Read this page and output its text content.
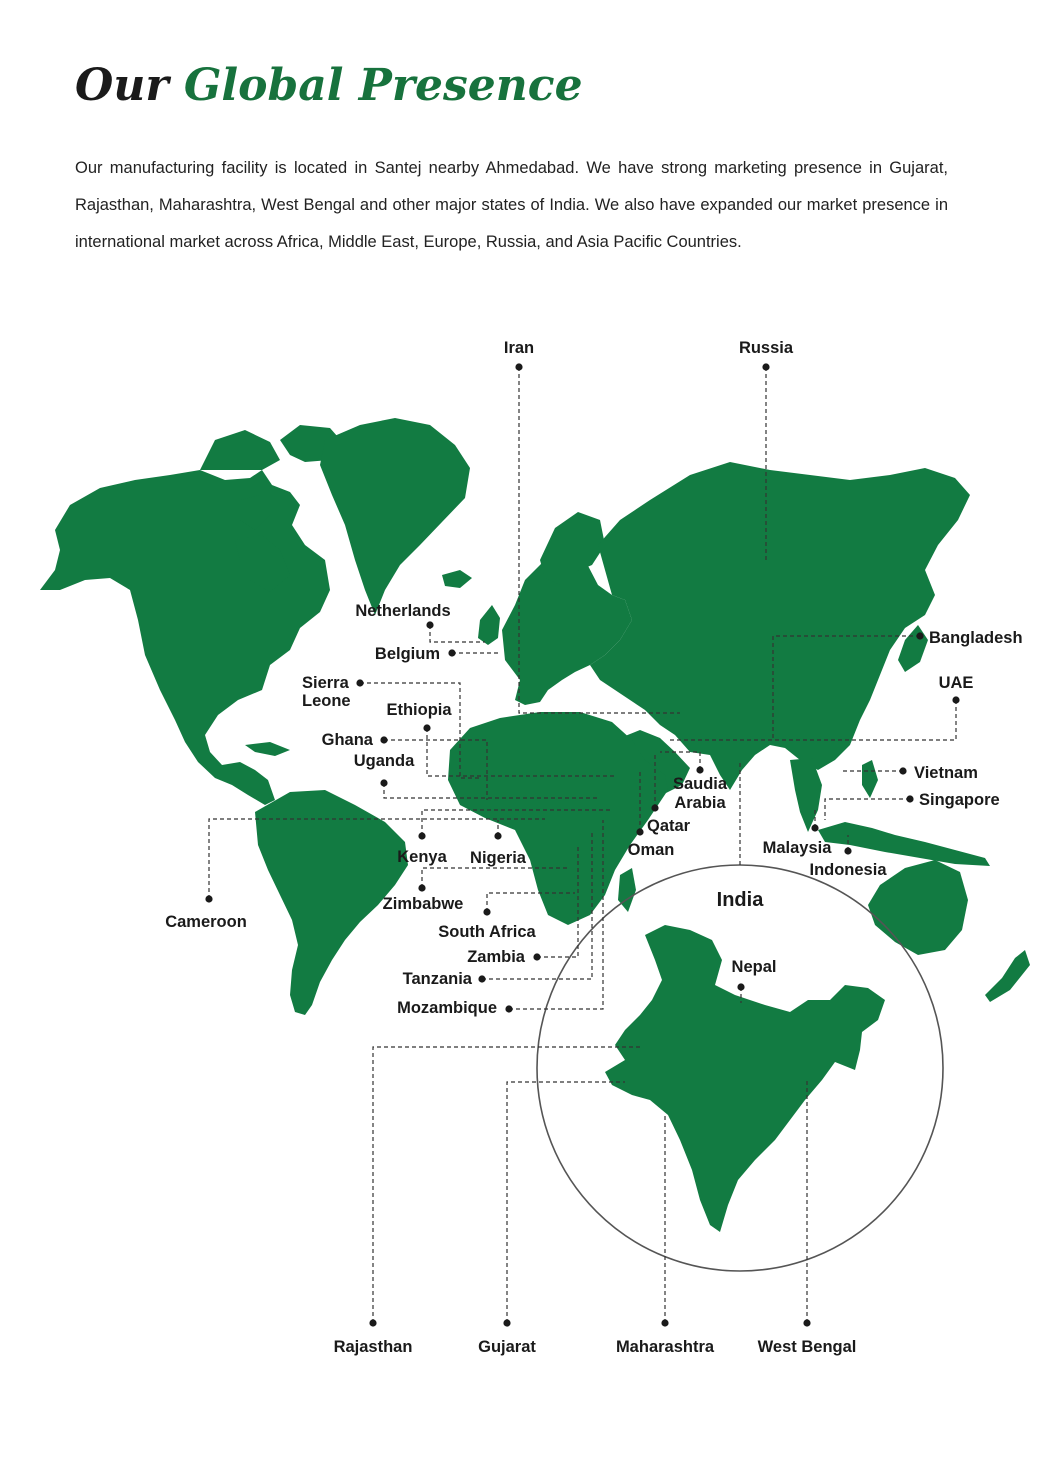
Our Global Presence

Our manufacturing facility is located in Santej nearby Ahmedabad. We have strong marketing presence in Gujarat, Rajasthan, Maharashtra, West Bengal and other major states of India. We also have expanded our market presence in international market across Africa, Middle East, Europe, Russia, and Asia Pacific Countries.

India
Iran	Russia
Netherlands
Belgium
Sierra
Leone Ethiopia
Ghana
Uganda
Cameroon
Kenya Nigeria
Zimbabwe
South Africa
Zambia
Tanzania
Mozambique
Saudia
Arabia
Qatar
Oman
Bangladesh
UAE
Vietnam
Singapore
Malaysia
Indonesia
Nepal
Rajasthan	Gujarat	Maharashtra	West Bengal
